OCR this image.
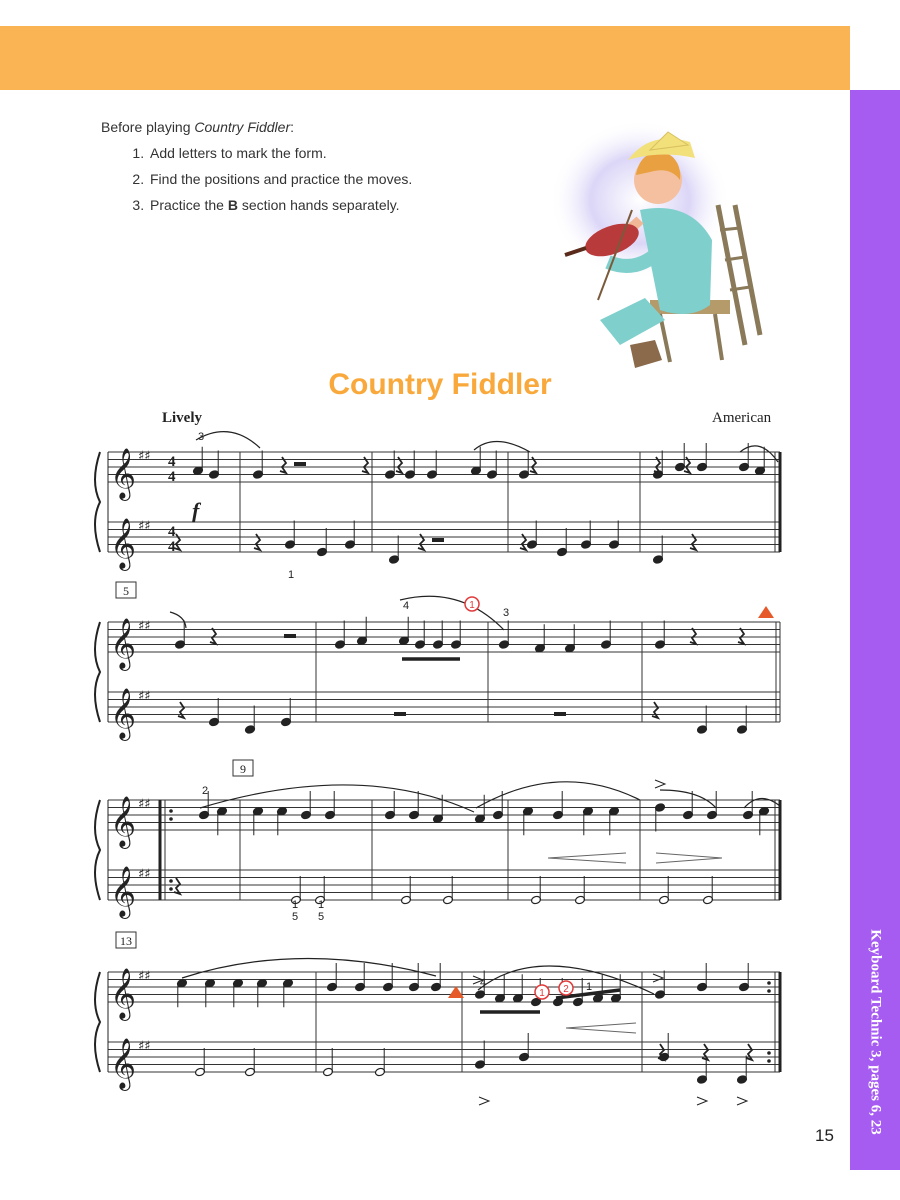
Keyboard Technic 3, pages 6, 23
Before playing Country Fiddler:
1. Add letters to mark the form.
2. Find the positions and practice the moves.
3. Practice the B section hands separately.
Country Fiddler
Lively	American
15
𝄞 ♯♯ 4
4
𝄞 ♯♯ 4
4
𝄞 ♯♯
𝄞 ♯♯
5
𝄞 ♯♯
𝄞 ♯♯
9
𝄞 ♯♯
𝄞 ♯♯
13
3
1
4
3
2
1
5
1
5
4	1
1
1 2
f
